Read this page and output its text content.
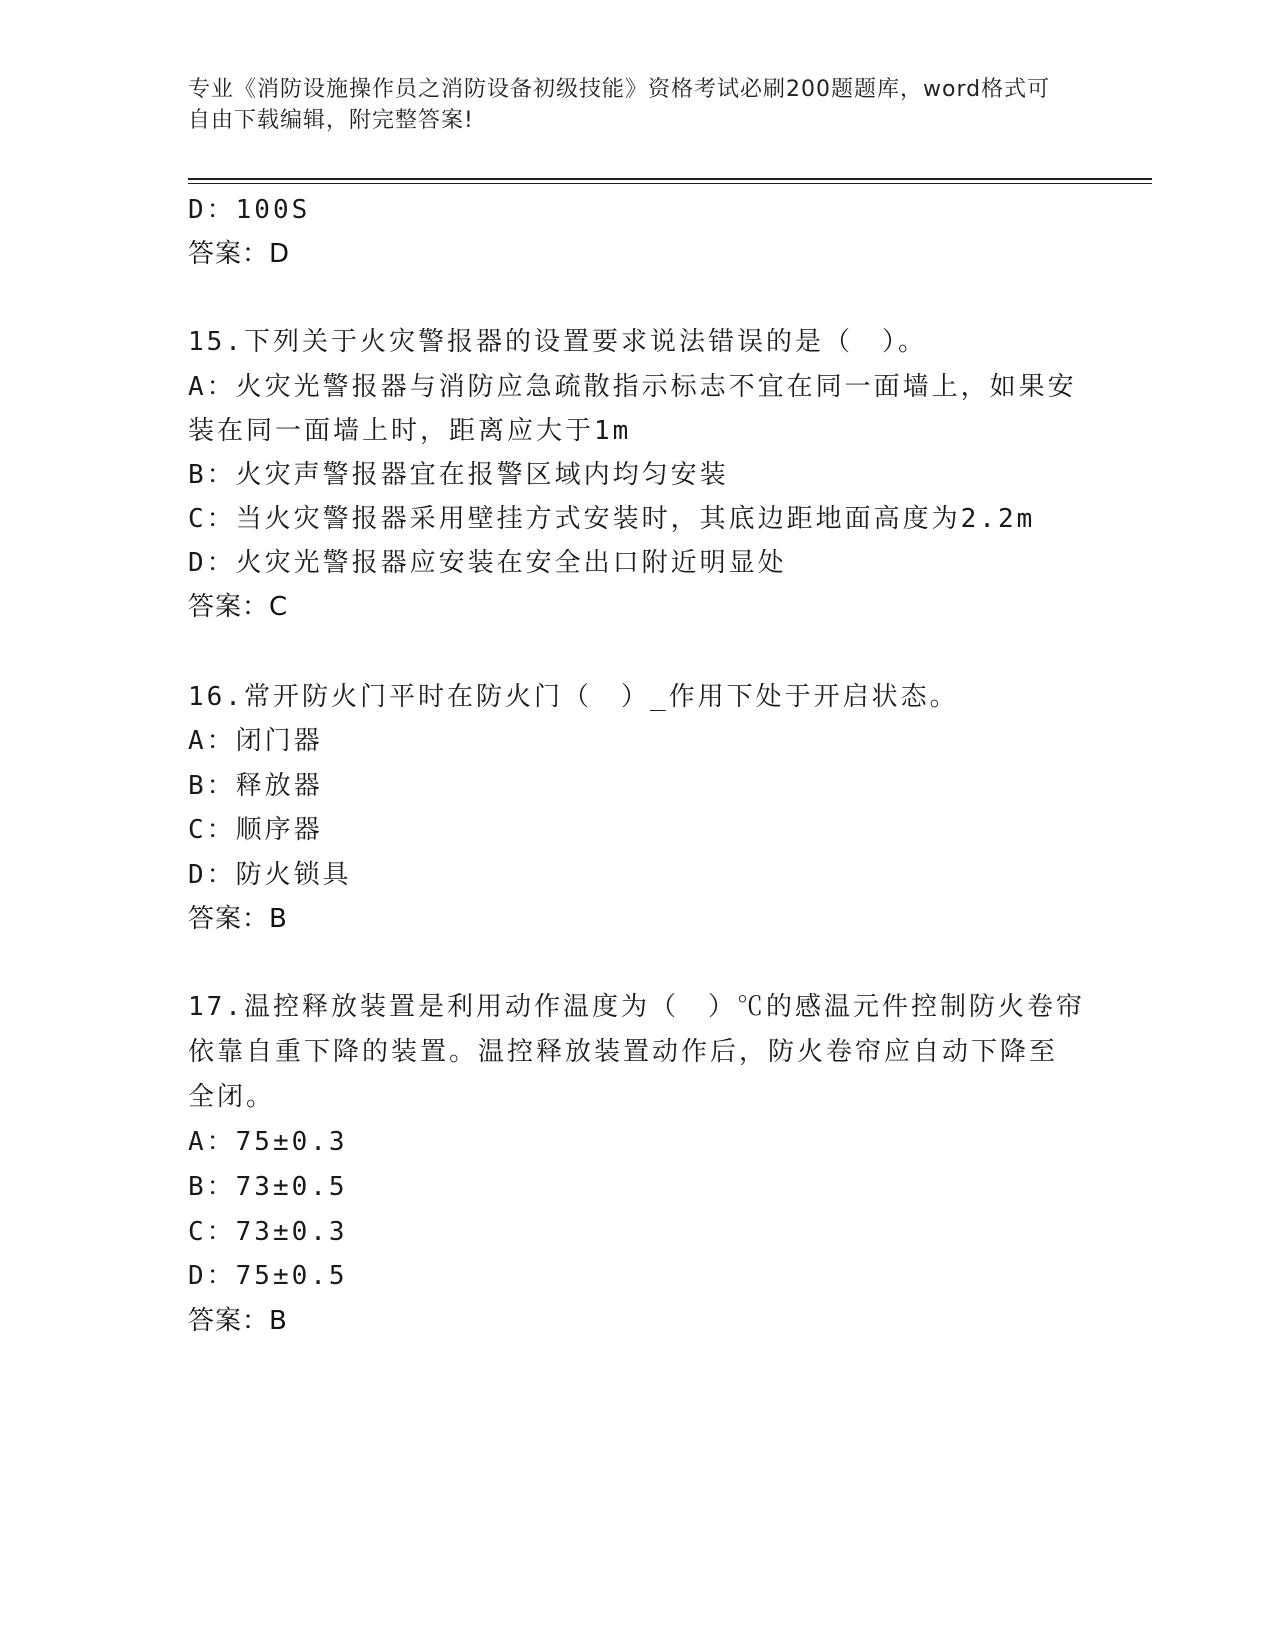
专业《消防设施操作员之消防设备初级技能》资格考试必刷200题题库，word格式可自由下载编辑，附完整答案!
D：100S
答案：D
15.下列关于火灾警报器的设置要求说法错误的是（　）。
A：火灾光警报器与消防应急疏散指示标志不宜在同一面墙上，如果安
装在同一面墙上时，距离应大于1m
B：火灾声警报器宜在报警区域内均匀安装
C：当火灾警报器采用壁挂方式安装时，其底边距地面高度为2.2m
D：火灾光警报器应安装在安全出口附近明显处
答案：C
16.常开防火门平时在防火门（　）_作用下处于开启状态。
A：闭门器
B：释放器
C：顺序器
D：防火锁具
答案：B
17.温控释放装置是利用动作温度为（　）℃的感温元件控制防火卷帘
依靠自重下降的装置。温控释放装置动作后，防火卷帘应自动下降至
全闭。
A：75±0.3
B：73±0.5
C：73±0.3
D：75±0.5
答案：B
